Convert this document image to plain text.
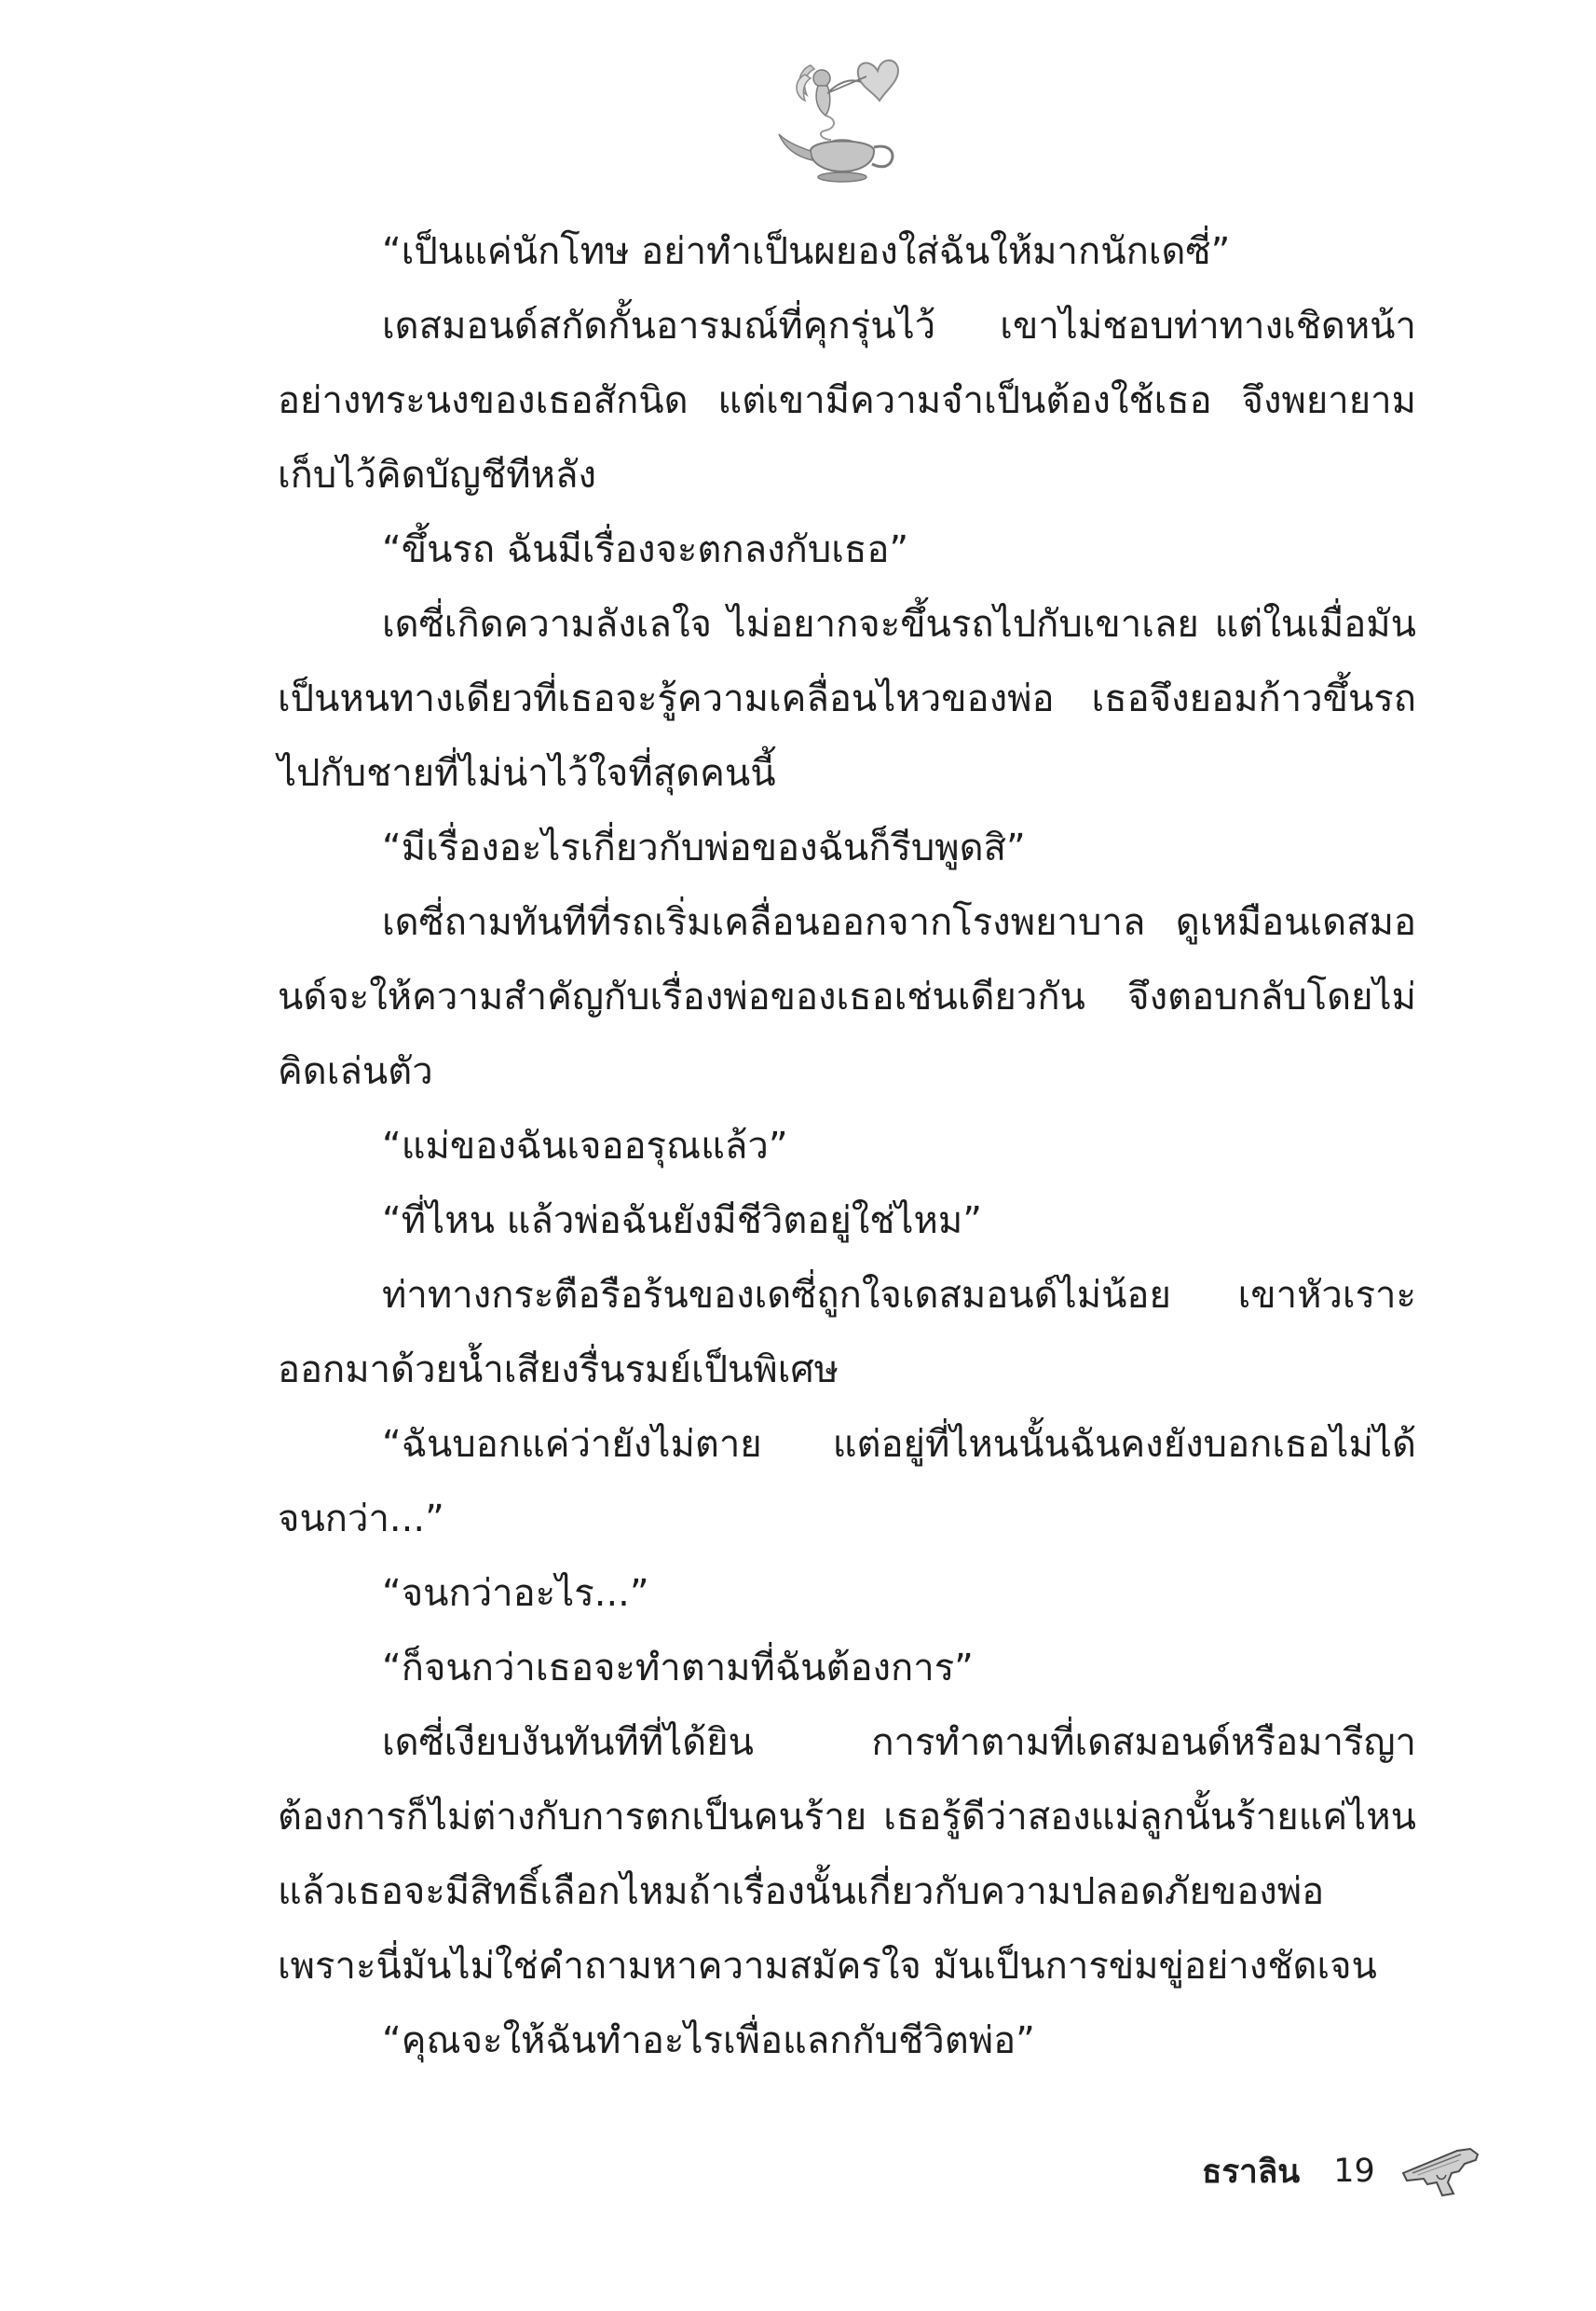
“เป็นแค่นักโทษ อย่าทำเป็นผยองใส่ฉันให้มากนักเดซี่”

เดสมอนด์สกัดกั้นอารมณ์ที่คุกรุ่นไว้ เขาไม่ชอบท่าทางเชิดหน้าอย่างทระนงของเธอสักนิด แต่เขามีความจำเป็นต้องใช้เธอ จึงพยายามเก็บไว้คิดบัญชีทีหลัง

“ขึ้นรถ ฉันมีเรื่องจะตกลงกับเธอ”

เดซี่เกิดความลังเลใจ ไม่อยากจะขึ้นรถไปกับเขาเลย แต่ในเมื่อมันเป็นหนทางเดียวที่เธอจะรู้ความเคลื่อนไหวของพ่อ เธอจึงยอมก้าวขึ้นรถไปกับชายที่ไม่น่าไว้ใจที่สุดคนนี้

“มีเรื่องอะไรเกี่ยวกับพ่อของฉันก็รีบพูดสิ”

เดซี่ถามทันทีที่รถเริ่มเคลื่อนออกจากโรงพยาบาล ดูเหมือนเดสมอนด์จะให้ความสำคัญกับเรื่องพ่อของเธอเช่นเดียวกัน จึงตอบกลับโดยไม่คิดเล่นตัว

“แม่ของฉันเจออรุณแล้ว”

“ที่ไหน แล้วพ่อฉันยังมีชีวิตอยู่ใช่ไหม”

ท่าทางกระตือรือร้นของเดซี่ถูกใจเดสมอนด์ไม่น้อย เขาหัวเราะออกมาด้วยน้ำเสียงรื่นรมย์เป็นพิเศษ

“ฉันบอกแค่ว่ายังไม่ตาย แต่อยู่ที่ไหนนั้นฉันคงยังบอกเธอไม่ได้จนกว่า...”

“จนกว่าอะไร...”

“ก็จนกว่าเธอจะทำตามที่ฉันต้องการ”

เดซี่เงียบงันทันทีที่ได้ยิน การทำตามที่เดสมอนด์หรือมารีญาต้องการก็ไม่ต่างกับการตกเป็นคนร้าย เธอรู้ดีว่าสองแม่ลูกนั้นร้ายแค่ไหน แล้วเธอจะมีสิทธิ์เลือกไหมถ้าเรื่องนั้นเกี่ยวกับความปลอดภัยของพ่อ เพราะนี่มันไม่ใช่คำถามหาความสมัครใจ มันเป็นการข่มขู่อย่างชัดเจน

“คุณจะให้ฉันทำอะไรเพื่อแลกกับชีวิตพ่อ”

ธราลิน 19
